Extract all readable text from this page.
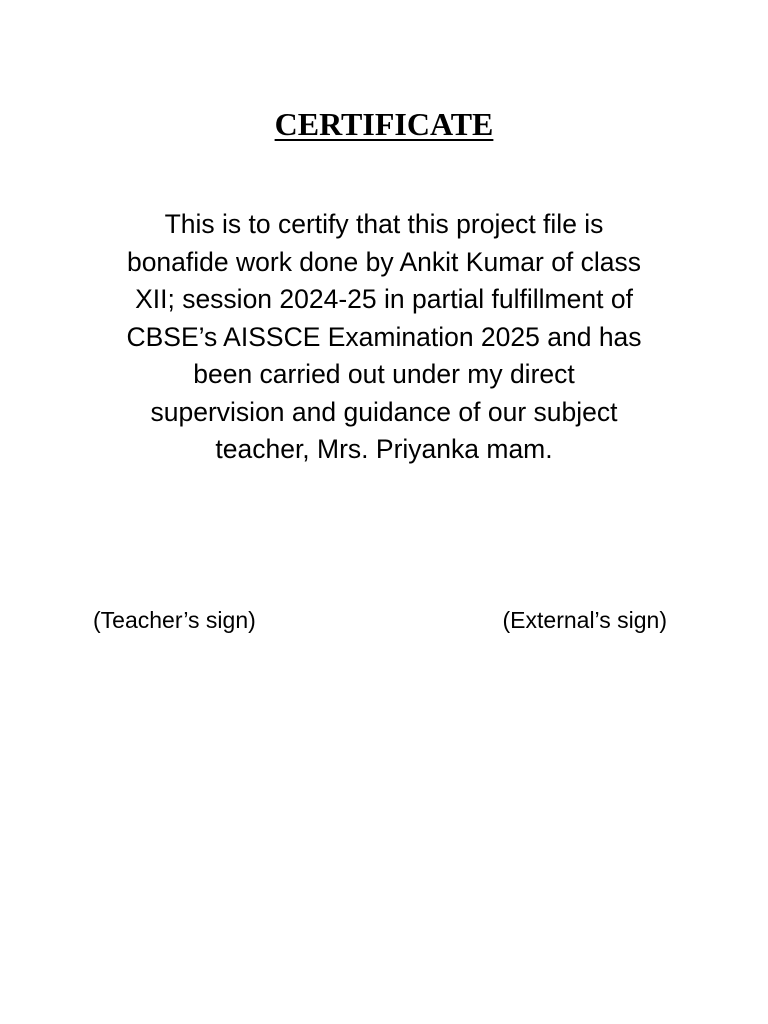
CERTIFICATE

This is to certify that this project file is
bonafide work done by Ankit Kumar of class
XII; session 2024-25 in partial fulfillment of
CBSE’s AISSCE Examination 2025 and has
been carried out under my direct
supervision and guidance of our subject
teacher, Mrs. Priyanka mam.

(Teacher’s sign)	(External’s sign)
